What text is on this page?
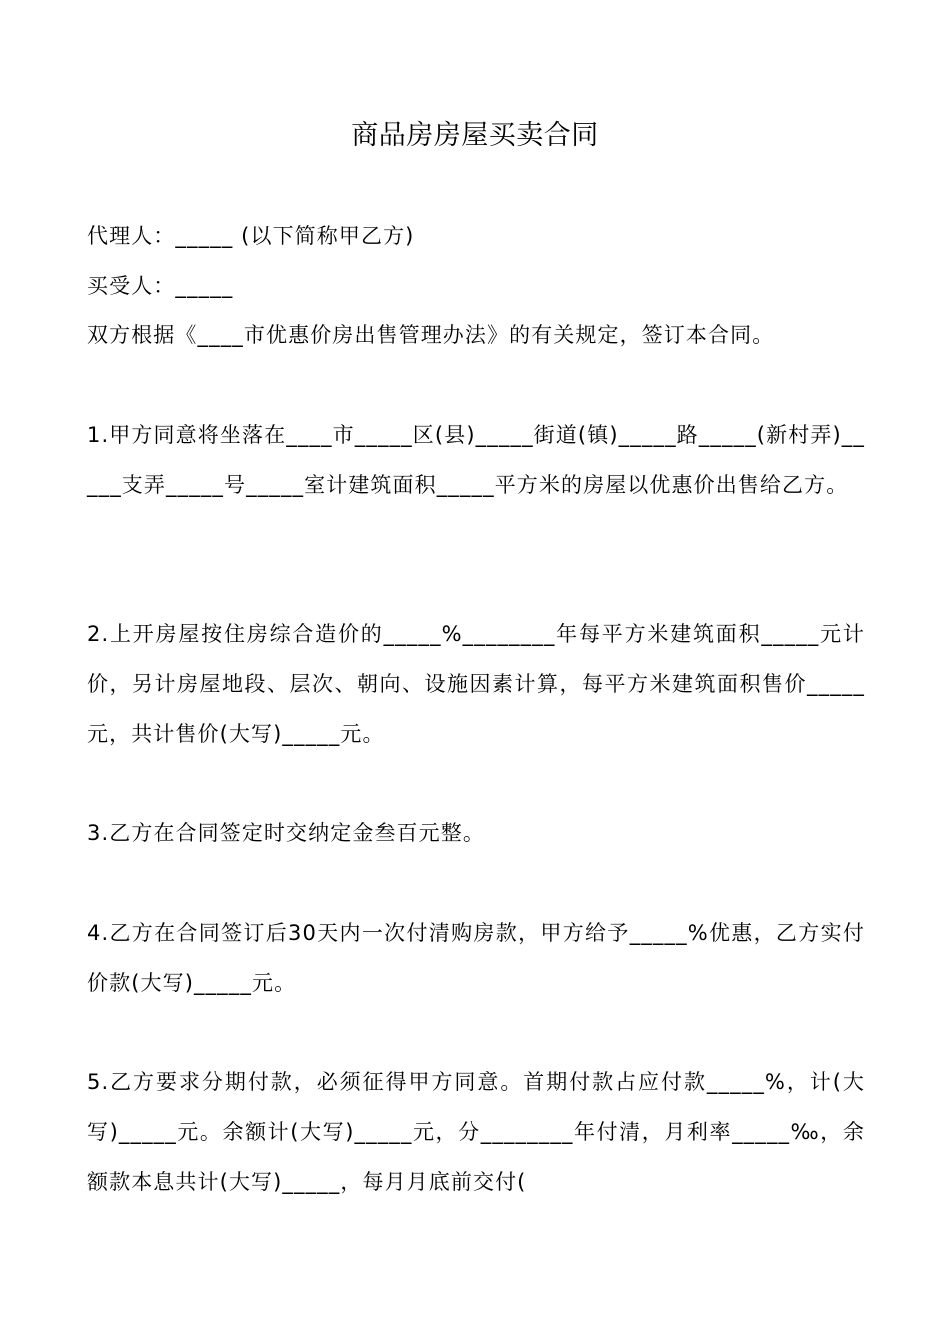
商品房房屋买卖合同
代理人：_____ (以下简称甲乙方)
买受人：_____
双方根据《____市优惠价房出售管理办法》的有关规定，签订本合同。
1.甲方同意将坐落在____市_____区(县)_____街道(镇)_____路_____(新村弄)_____支弄_____号_____室计建筑面积_____平方米的房屋以优惠价出售给乙方。
2.上开房屋按住房综合造价的_____%________年每平方米建筑面积_____元计价，另计房屋地段、层次、朝向、设施因素计算，每平方米建筑面积售价_____元，共计售价(大写)_____元。
3.乙方在合同签定时交纳定金叁百元整。
4.乙方在合同签订后30天内一次付清购房款，甲方给予_____%优惠，乙方实付价款(大写)_____元。
5.乙方要求分期付款，必须征得甲方同意。首期付款占应付款_____%，计(大写)_____元。余额计(大写)_____元，分________年付清，月利率_____‰，余额款本息共计(大写)_____，每月月底前交付(
